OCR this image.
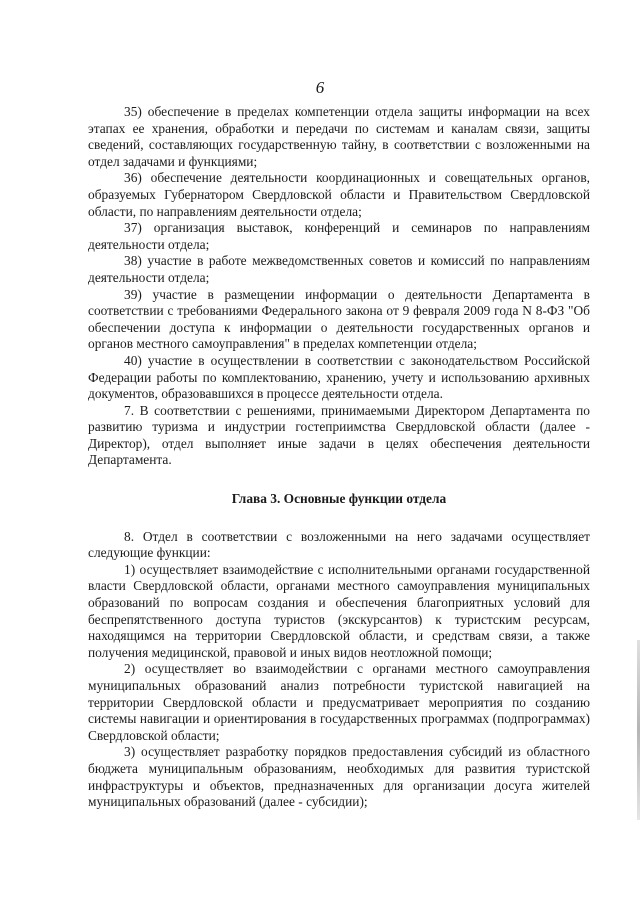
6

35) обеспечение в пределах компетенции отдела защиты информации на всех этапах ее хранения, обработки и передачи по системам и каналам связи, защиты сведений, составляющих государственную тайну, в соответствии с возложенными на отдел задачами и функциями;

36) обеспечение деятельности координационных и совещательных органов, образуемых Губернатором Свердловской области и Правительством Свердловской области, по направлениям деятельности отдела;

37) организация выставок, конференций и семинаров по направлениям деятельности отдела;

38) участие в работе межведомственных советов и комиссий по направлениям деятельности отдела;

39) участие в размещении информации о деятельности Департамента в соответствии с требованиями Федерального закона от 9 февраля 2009 года N 8-ФЗ "Об обеспечении доступа к информации о деятельности государственных органов и органов местного самоуправления" в пределах компетенции отдела;

40) участие в осуществлении в соответствии с законодательством Российской Федерации работы по комплектованию, хранению, учету и использованию архивных документов, образовавшихся в процессе деятельности отдела.

7. В соответствии с решениями, принимаемыми Директором Департамента по развитию туризма и индустрии гостеприимства Свердловской области (далее - Директор), отдел выполняет иные задачи в целях обеспечения деятельности Департамента.

Глава 3. Основные функции отдела

8. Отдел в соответствии с возложенными на него задачами осуществляет следующие функции:

1) осуществляет взаимодействие с исполнительными органами государственной власти Свердловской области, органами местного самоуправления муниципальных образований по вопросам создания и обеспечения благоприятных условий для беспрепятственного доступа туристов (экскурсантов) к туристским ресурсам, находящимся на территории Свердловской области, и средствам связи, а также получения медицинской, правовой и иных видов неотложной помощи;

2) осуществляет во взаимодействии с органами местного самоуправления муниципальных образований анализ потребности туристской навигацией на территории Свердловской области и предусматривает мероприятия по созданию системы навигации и ориентирования в государственных программах (подпрограммах) Свердловской области;

3) осуществляет разработку порядков предоставления субсидий из областного бюджета муниципальным образованиям, необходимых для развития туристской инфраструктуры и объектов, предназначенных для организации досуга жителей муниципальных образований (далее - субсидии);
